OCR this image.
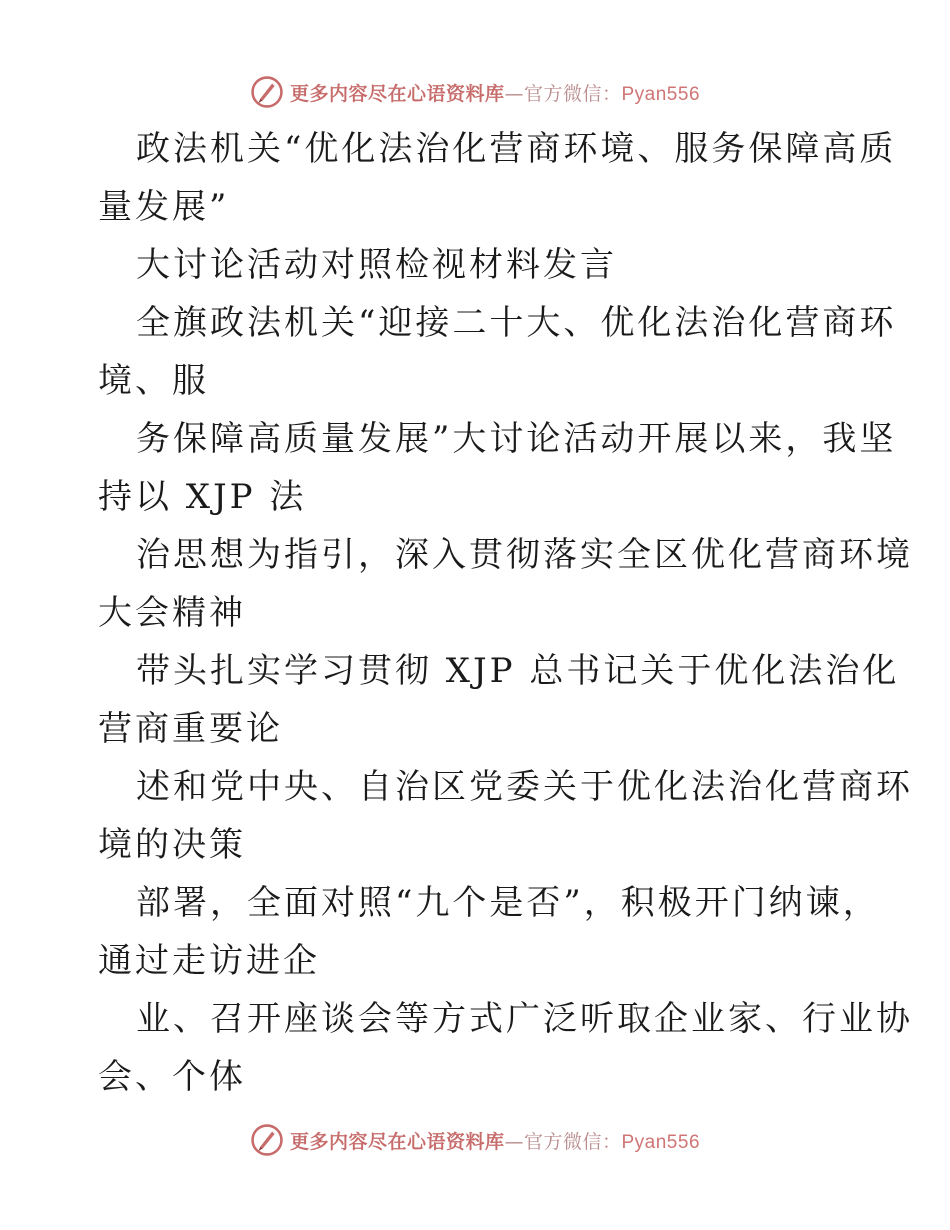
更多内容尽在心语资料库—官方微信：Pyan556
政法机关“优化法治化营商环境、服务保障高质
量发展”
大讨论活动对照检视材料发言
全旗政法机关“迎接二十大、优化法治化营商环
境、服
务保障高质量发展”大讨论活动开展以来，我坚
持以 XJP 法
治思想为指引，深入贯彻落实全区优化营商环境
大会精神
带头扎实学习贯彻 XJP 总书记关于优化法治化
营商重要论
述和党中央、自治区党委关于优化法治化营商环
境的决策
部署，全面对照“九个是否”，积极开门纳谏，
通过走访进企
业、召开座谈会等方式广泛听取企业家、行业协
会、个体
更多内容尽在心语资料库—官方微信：Pyan556
